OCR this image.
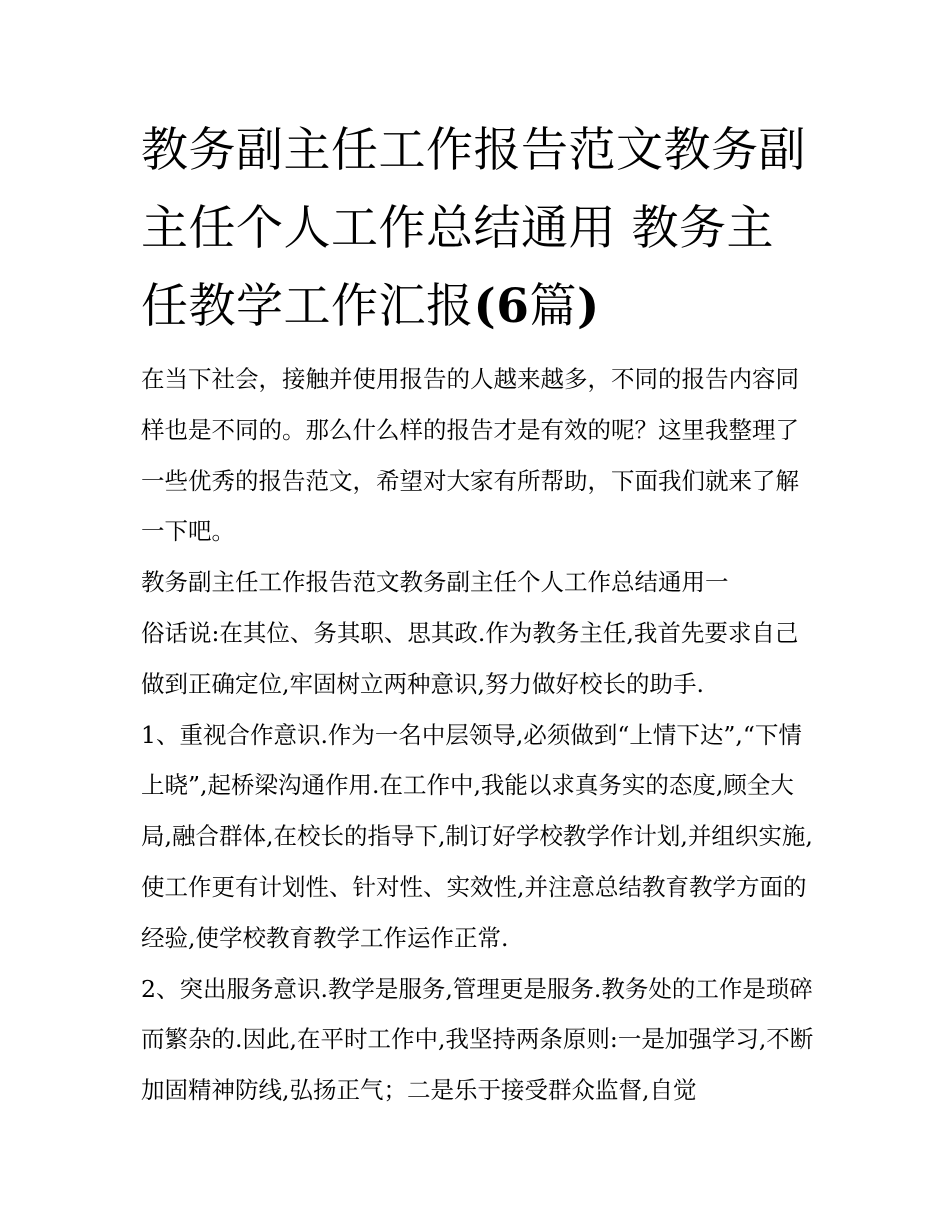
教务副主任工作报告范文教务副主任个人工作总结通用 教务主任教学工作汇报(6篇)

在当下社会，接触并使用报告的人越来越多，不同的报告内容同样也是不同的。那么什么样的报告才是有效的呢？这里我整理了一些优秀的报告范文，希望对大家有所帮助，下面我们就来了解一下吧。

教务副主任工作报告范文教务副主任个人工作总结通用一

俗话说:在其位、务其职、思其政.作为教务主任,我首先要求自己做到正确定位,牢固树立两种意识,努力做好校长的助手.

1、重视合作意识.作为一名中层领导,必须做到“上情下达”,“下情上晓”,起桥梁沟通作用.在工作中,我能以求真务实的态度,顾全大局,融合群体,在校长的指导下,制订好学校教学作计划,并组织实施,使工作更有计划性、针对性、实效性,并注意总结教育教学方面的经验,使学校教育教学工作运作正常.

2、突出服务意识.教学是服务,管理更是服务.教务处的工作是琐碎而繁杂的.因此,在平时工作中,我坚持两条原则:一是加强学习,不断加固精神防线,弘扬正气；二是乐于接受群众监督,自觉
